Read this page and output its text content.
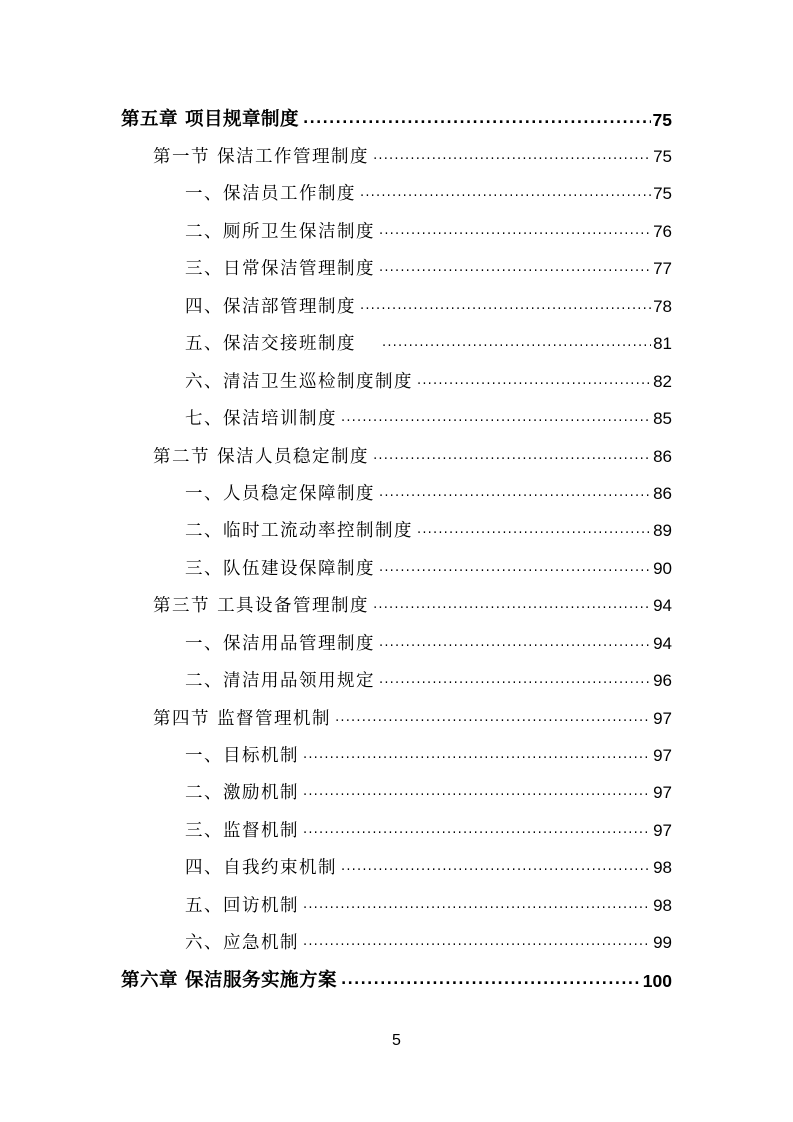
第五章 项目规章制度 .....	75
第一节 保洁工作管理制度 .....	75
一、保洁员工作制度 .....	75
二、厕所卫生保洁制度 .....	76
三、日常保洁管理制度 .....	77
四、保洁部管理制度 .....	78
五、保洁交接班制度 .....	81
六、清洁卫生巡检制度制度 .....	82
七、保洁培训制度 .....	85
第二节 保洁人员稳定制度 .....	86
一、人员稳定保障制度 .....	86
二、临时工流动率控制制度 .....	89
三、队伍建设保障制度 .....	90
第三节 工具设备管理制度 .....	94
一、保洁用品管理制度 .....	94
二、清洁用品领用规定 .....	96
第四节 监督管理机制 .....	97
一、目标机制 .....	97
二、激励机制 .....	97
三、监督机制 .....	97
四、自我约束机制 .....	98
五、回访机制 .....	98
六、应急机制 .....	99
第六章 保洁服务实施方案 .....	100
5
